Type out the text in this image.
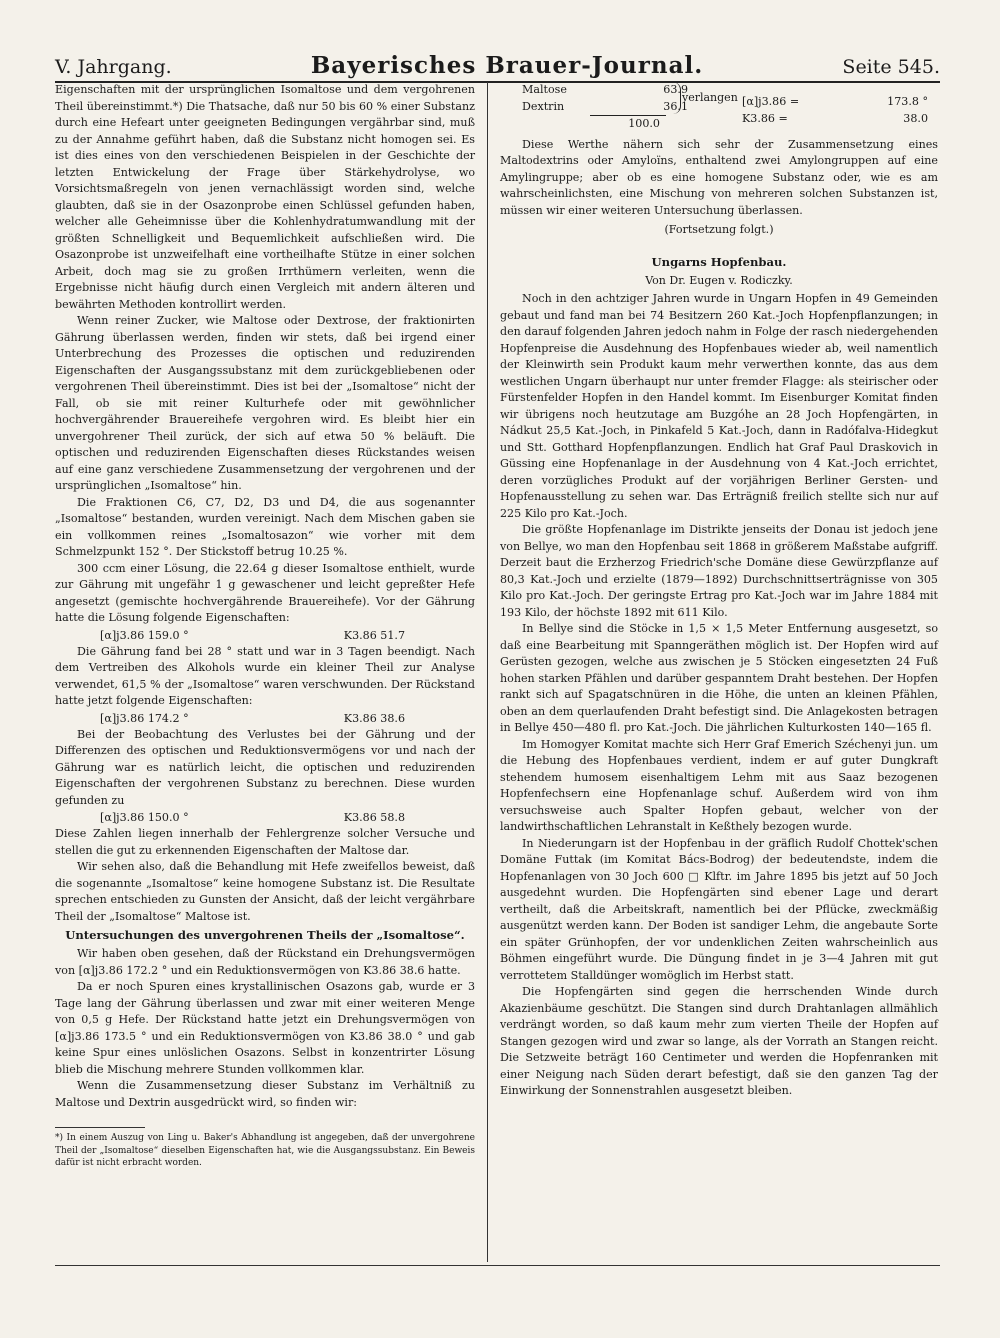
V. Jahrgang.	Bayerisches Brauer-Journal.	Seite 545.

Eigenschaften mit der ursprünglichen Isomaltose und dem vergohrenen Theil übereinstimmt.*) Die Thatsache, daß nur 50 bis 60 % einer Substanz durch eine Hefeart unter geeigneten Bedingungen vergährbar sind, muß zu der Annahme geführt haben, daß die Substanz nicht homogen sei. Es ist dies eines von den verschiedenen Beispielen in der Geschichte der letzten Entwickelung der Frage über Stärkehydrolyse, wo Vorsichtsmaßregeln von jenen vernachlässigt worden sind, welche glaubten, daß sie in der Osazonprobe einen Schlüssel gefunden haben, welcher alle Geheimnisse über die Kohlenhydratumwandlung mit der größten Schnelligkeit und Bequemlichkeit aufschließen wird. Die Osazonprobe ist unzweifelhaft eine vortheilhafte Stütze in einer solchen Arbeit, doch mag sie zu großen Irrthümern verleiten, wenn die Ergebnisse nicht häufig durch einen Vergleich mit andern älteren und bewährten Methoden kontrollirt werden.

Wenn reiner Zucker, wie Maltose oder Dextrose, der fraktionirten Gährung überlassen werden, finden wir stets, daß bei irgend einer Unterbrechung des Prozesses die optischen und reduzirenden Eigenschaften der Ausgangssubstanz mit dem zurückgebliebenen oder vergohrenen Theil übereinstimmt. Dies ist bei der „Isomaltose“ nicht der Fall, ob sie mit reiner Kulturhefe oder mit gewöhnlicher hochvergährender Brauereihefe vergohren wird. Es bleibt hier ein unvergohrener Theil zurück, der sich auf etwa 50 % beläuft. Die optischen und reduzirenden Eigenschaften dieses Rückstandes weisen auf eine ganz verschiedene Zusammensetzung der vergohrenen und der ursprünglichen „Isomaltose“ hin.

Die Fraktionen C6, C7, D2, D3 und D4, die aus sogenannter „Isomaltose“ bestanden, wurden vereinigt. Nach dem Mischen gaben sie ein vollkommen reines „Isomaltosazon“ wie vorher mit dem Schmelzpunkt 152 °. Der Stickstoff betrug 10.25 %.

300 ccm einer Lösung, die 22.64 g dieser Isomaltose enthielt, wurde zur Gährung mit ungefähr 1 g gewaschener und leicht gepreßter Hefe angesetzt (gemischte hochvergährende Brauereihefe). Vor der Gährung hatte die Lösung folgende Eigenschaften:

[α]j3.86 159.0 °	K3.86 51.7

Die Gährung fand bei 28 ° statt und war in 3 Tagen beendigt. Nach dem Vertreiben des Alkohols wurde ein kleiner Theil zur Analyse verwendet, 61,5 % der „Isomaltose“ waren verschwunden. Der Rückstand hatte jetzt folgende Eigenschaften:

[α]j3.86 174.2 °	K3.86 38.6

Bei der Beobachtung des Verlustes bei der Gährung und der Differenzen des optischen und Reduktionsvermögens vor und nach der Gährung war es natürlich leicht, die optischen und reduzirenden Eigenschaften der vergohrenen Substanz zu berechnen. Diese wurden gefunden zu

[α]j3.86 150.0 °	K3.86 58.8

Diese Zahlen liegen innerhalb der Fehlergrenze solcher Versuche und stellen die gut zu erkennenden Eigenschaften der Maltose dar.

Wir sehen also, daß die Behandlung mit Hefe zweifellos beweist, daß die sogenannte „Isomaltose“ keine homogene Substanz ist. Die Resultate sprechen entschieden zu Gunsten der Ansicht, daß der leicht vergährbare Theil der „Isomaltose“ Maltose ist.

Untersuchungen des unvergohrenen Theils der „Isomaltose“.

Wir haben oben gesehen, daß der Rückstand ein Drehungsvermögen von [α]j3.86 172.2 ° und ein Reduktionsvermögen von K3.86 38.6 hatte.

Da er noch Spuren eines krystallinischen Osazons gab, wurde er 3 Tage lang der Gährung überlassen und zwar mit einer weiteren Menge von 0,5 g Hefe. Der Rückstand hatte jetzt ein Drehungsvermögen von [α]j3.86 173.5 ° und ein Reduktionsvermögen von K3.86 38.0 ° und gab keine Spur eines unlöslichen Osazons. Selbst in konzentrirter Lösung blieb die Mischung mehrere Stunden vollkommen klar.

Wenn die Zusammensetzung dieser Substanz im Verhältniß zu Maltose und Dextrin ausgedrückt wird, so finden wir:

*) In einem Auszug von Ling u. Baker's Abhandlung ist angegeben, daß der unvergohrene Theil der „Isomaltose“ dieselben Eigenschaften hat, wie die Ausgangssubstanz. Ein Beweis dafür ist nicht erbracht worden.

Maltose	63.9
Dextrin	36.1
100.0
verlangen [α]j3.86 =	173.8 °
K3.86 =	38.0

Diese Werthe nähern sich sehr der Zusammensetzung eines Maltodextrins oder Amyloïns, enthaltend zwei Amylongruppen auf eine Amylingruppe; aber ob es eine homogene Substanz oder, wie es am wahrscheinlichsten, eine Mischung von mehreren solchen Substanzen ist, müssen wir einer weiteren Untersuchung überlassen.

(Fortsetzung folgt.)
Ungarns Hopfenbau.
Von Dr. Eugen v. Rodiczky.

Noch in den achtziger Jahren wurde in Ungarn Hopfen in 49 Gemeinden gebaut und fand man bei 74 Besitzern 260 Kat.-Joch Hopfenpflanzungen; in den darauf folgenden Jahren jedoch nahm in Folge der rasch niedergehenden Hopfenpreise die Ausdehnung des Hopfenbaues wieder ab, weil namentlich der Kleinwirth sein Produkt kaum mehr verwerthen konnte, das aus dem westlichen Ungarn überhaupt nur unter fremder Flagge: als steirischer oder Fürstenfelder Hopfen in den Handel kommt. Im Eisenburger Komitat finden wir übrigens noch heutzutage am Buzgóhe an 28 Joch Hopfengärten, in Nádkut 25,5 Kat.-Joch, in Pinkafeld 5 Kat.-Joch, dann in Radófalva-Hidegkut und Stt. Gotthard Hopfenpflanzungen. Endlich hat Graf Paul Draskovich in Güssing eine Hopfenanlage in der Ausdehnung von 4 Kat.-Joch errichtet, deren vorzügliches Produkt auf der vorjährigen Berliner Gersten- und Hopfenausstellung zu sehen war. Das Erträgniß freilich stellte sich nur auf 225 Kilo pro Kat.-Joch.

Die größte Hopfenanlage im Distrikte jenseits der Donau ist jedoch jene von Bellye, wo man den Hopfenbau seit 1868 in größerem Maßstabe aufgriff. Derzeit baut die Erzherzog Friedrich'sche Domäne diese Gewürzpflanze auf 80,3 Kat.-Joch und erzielte (1879—1892) Durchschnittserträgnisse von 305 Kilo pro Kat.-Joch. Der geringste Ertrag pro Kat.-Joch war im Jahre 1884 mit 193 Kilo, der höchste 1892 mit 611 Kilo.

In Bellye sind die Stöcke in 1,5 × 1,5 Meter Entfernung ausgesetzt, so daß eine Bearbeitung mit Spanngeräthen möglich ist. Der Hopfen wird auf Gerüsten gezogen, welche aus zwischen je 5 Stöcken eingesetzten 24 Fuß hohen starken Pfählen und darüber gespanntem Draht bestehen. Der Hopfen rankt sich auf Spagatschnüren in die Höhe, die unten an kleinen Pfählen, oben an dem querlaufenden Draht befestigt sind. Die Anlagekosten betragen in Bellye 450—480 fl. pro Kat.-Joch. Die jährlichen Kulturkosten 140—165 fl.

Im Homogyer Komitat machte sich Herr Graf Emerich Széchenyi jun. um die Hebung des Hopfenbaues verdient, indem er auf guter Dungkraft stehendem humosem eisenhaltigem Lehm mit aus Saaz bezogenen Hopfenfechsern eine Hopfenanlage schuf. Außerdem wird von ihm versuchsweise auch Spalter Hopfen gebaut, welcher von der landwirthschaftlichen Lehranstalt in Keßthely bezogen wurde.

In Niederungarn ist der Hopfenbau in der gräflich Rudolf Chottek'schen Domäne Futtak (im Komitat Bács-Bodrog) der bedeutendste, indem die Hopfenanlagen von 30 Joch 600 □ Klftr. im Jahre 1895 bis jetzt auf 50 Joch ausgedehnt wurden. Die Hopfengärten sind ebener Lage und derart vertheilt, daß die Arbeitskraft, namentlich bei der Pflücke, zweckmäßig ausgenützt werden kann. Der Boden ist sandiger Lehm, die angebaute Sorte ein später Grünhopfen, der vor undenklichen Zeiten wahrscheinlich aus Böhmen eingeführt wurde. Die Düngung findet in je 3—4 Jahren mit gut verrottetem Stalldünger womöglich im Herbst statt.

Die Hopfengärten sind gegen die herrschenden Winde durch Akazienbäume geschützt. Die Stangen sind durch Drahtanlagen allmählich verdrängt worden, so daß kaum mehr zum vierten Theile der Hopfen auf Stangen gezogen wird und zwar so lange, als der Vorrath an Stangen reicht. Die Setzweite beträgt 160 Centimeter und werden die Hopfenranken mit einer Neigung nach Süden derart befestigt, daß sie den ganzen Tag der Einwirkung der Sonnenstrahlen ausgesetzt bleiben.
